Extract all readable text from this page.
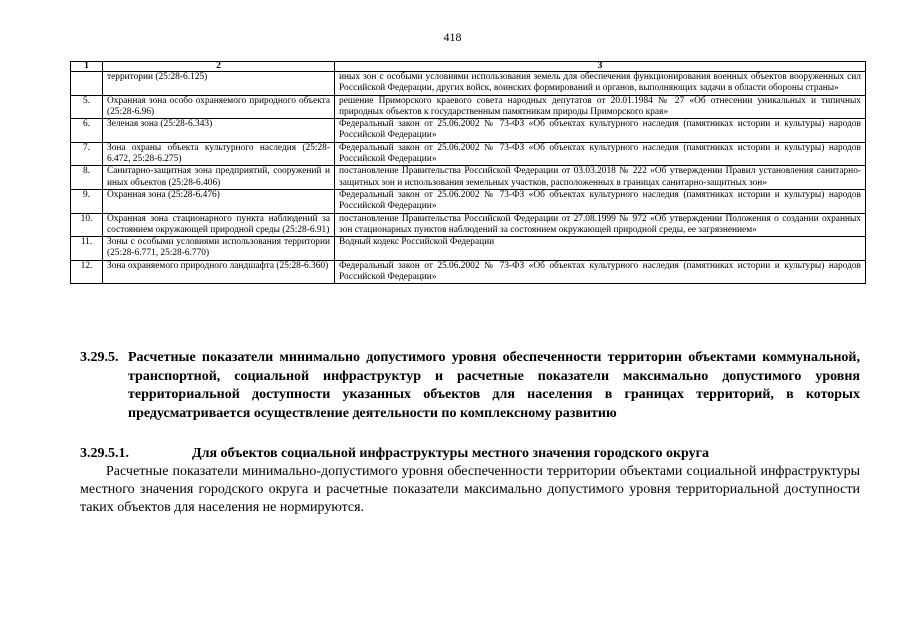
418
1	2	3
	территории (25:28-6.125)	иных зон с особыми условиями использования земель для обеспечения функционирования военных объектов вооруженных сил Российской Федерации, других войск, воинских формирований и органов, выполняющих задачи в области обороны страны»
5.	Охранная зона особо охраняемого природного объекта (25:28-6.96)	решение Приморского краевого совета народных депутатов от 20.01.1984 № 27 «Об отнесении уникальных и типичных природных объектов к государственным памятникам природы Приморского края»
6.	Зеленая зона (25:28-6.343)	Федеральный закон от 25.06.2002 № 73-ФЗ «Об объектах культурного наследия (памятниках истории и культуры) народов Российской Федерации»
7.	Зона охраны объекта культурного наследия (25:28-6.472, 25:28-6.275)	Федеральный закон от 25.06.2002 № 73-ФЗ «Об объектах культурного наследия (памятниках истории и культуры) народов Российской Федерации»
8.	Санитарно-защитная зона предприятий, сооружений и иных объектов (25:28-6.406)	постановление Правительства Российской Федерации от 03.03.2018 № 222 «Об утверждении Правил установления санитарно-защитных зон и использования земельных участков, расположенных в границах санитарно-защитных зон»
9.	Охранная зона (25:28-6.476)	Федеральный закон от 25.06.2002 № 73-ФЗ «Об объектах культурного наследия (памятниках истории и культуры) народов Российской Федерации»
10.	Охранная зона стационарного пункта наблюдений за состоянием окружающей природной среды (25:28-6.91)	постановление Правительства Российской Федерации от 27.08.1999 № 972 «Об утверждении Положения о создании охранных зон стационарных пунктов наблюдений за состоянием окружающей природной среды, ее загрязнением»
11.	Зоны с особыми условиями использования территории (25:28-6.771, 25:28-6.770)	Водный кодекс Российской Федерации
12.	Зона охраняемого природного ландшафта (25:28-6.360)	Федеральный закон от 25.06.2002 № 73-ФЗ «Об объектах культурного наследия (памятниках истории и культуры) народов Российской Федерации»
3.29.5. Расчетные показатели минимально допустимого уровня обеспеченности территории объектами коммунальной, транспортной, социальной инфраструктур и расчетные показатели максимально допустимого уровня территориальной доступности указанных объектов для населения в границах территорий, в которых предусматривается осуществление деятельности по комплексному развитию
3.29.5.1.	Для объектов социальной инфраструктуры местного значения городского округа

Расчетные показатели минимально-допустимого уровня обеспеченности территории объектами социальной инфраструктуры местного значения городского округа и расчетные показатели максимально допустимого уровня территориальной доступности таких объектов для населения не нормируются.
